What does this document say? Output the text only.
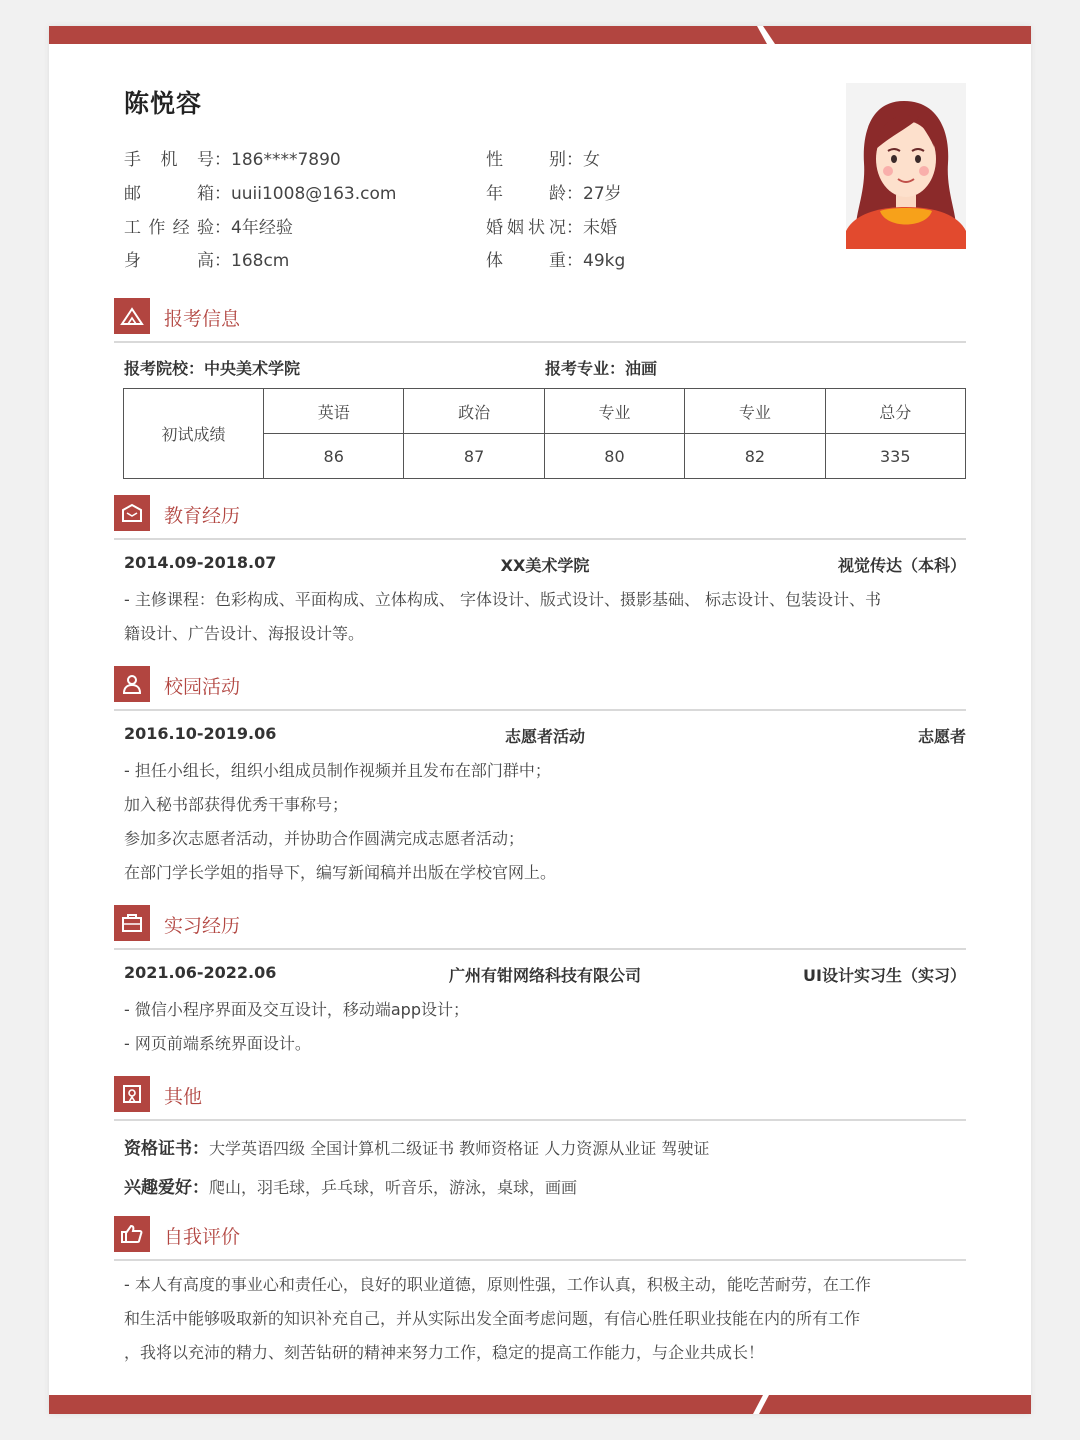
陈悦容
手机号：186****7890
邮箱：uuii1008@163.com
工作经验：4年经验
身高：168cm
性别：女
年龄：27岁
婚姻状况：未婚
体重：49kg
报考信息
报考院校：中央美术学院	报考专业：油画
初试成绩	英语	政治	专业	专业	总分
	86	87	80	82	335
教育经历
2014.09-2018.07	XX美术学院	视觉传达（本科）
- 主修课程：色彩构成、平面构成、立体构成、 字体设计、版式设计、摄影基础、 标志设计、包装设计、书
籍设计、广告设计、海报设计等。
校园活动
2016.10-2019.06	志愿者活动	志愿者
- 担任小组长，组织小组成员制作视频并且发布在部门群中；
加入秘书部获得优秀干事称号；
参加多次志愿者活动，并协助合作圆满完成志愿者活动；
在部门学长学姐的指导下，编写新闻稿并出版在学校官网上。
实习经历
2021.06-2022.06	广州有钳网络科技有限公司	UI设计实习生（实习）
- 微信小程序界面及交互设计，移动端app设计；
- 网页前端系统界面设计。
其他
资格证书：大学英语四级 全国计算机二级证书 教师资格证 人力资源从业证 驾驶证
兴趣爱好：爬山，羽毛球，乒乓球，听音乐，游泳，桌球，画画
自我评价
- 本人有高度的事业心和责任心，良好的职业道德，原则性强，工作认真，积极主动，能吃苦耐劳，在工作
和生活中能够吸取新的知识补充自己，并从实际出发全面考虑问题，有信心胜任职业技能在内的所有工作
，我将以充沛的精力、刻苦钻研的精神来努力工作，稳定的提高工作能力，与企业共成长！
